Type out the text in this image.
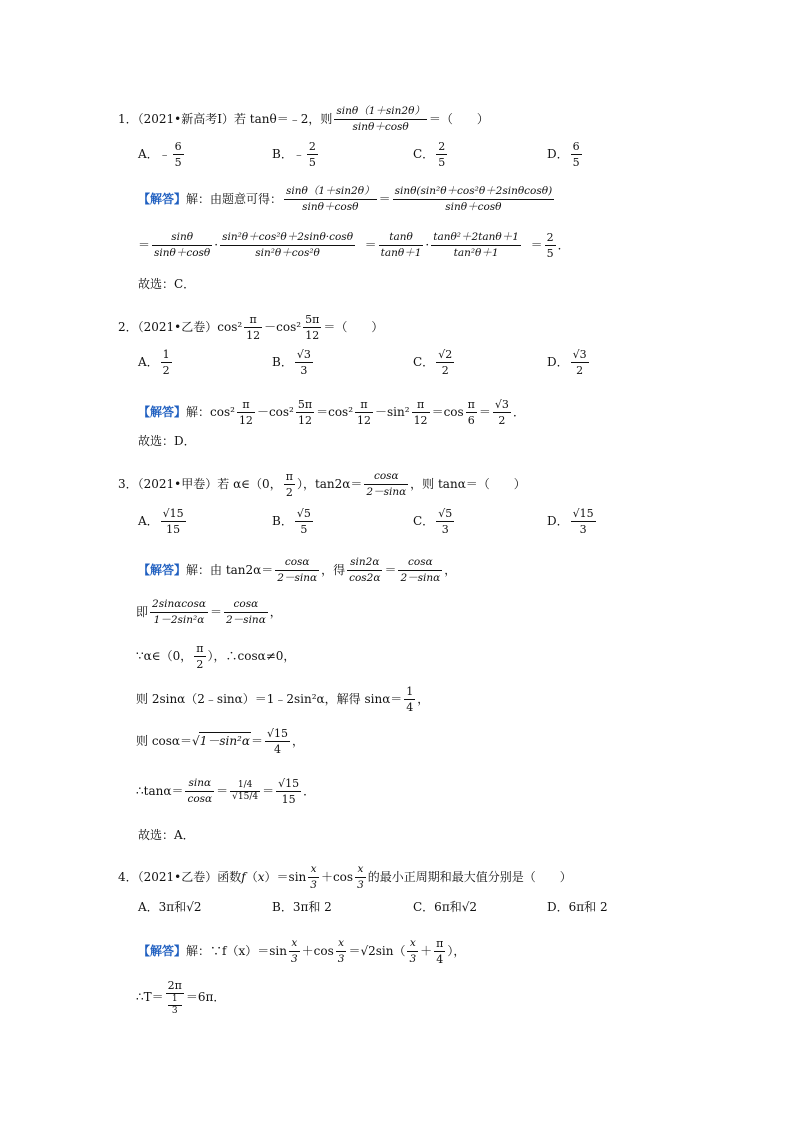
1．（2021•新高考Ⅰ）若 tanθ＝﹣2，则 $\frac{\sin\theta(1+\sin 2\theta)}{\sin\theta+\cos\theta}$ ＝（　　）
A．﹣ $\frac{6}{5}$	B．﹣ $\frac{2}{5}$	C． $\frac{2}{5}$	D． $\frac{6}{5}$
【解答】解：由题意可得： $\frac{\sin\theta(1+\sin 2\theta)}{\sin\theta+\cos\theta} = \frac{\text{sinθ(sin²θ＋cos²θ＋2sinθcosθ)}}{\sin\theta+\cos\theta}$
＝ $\frac{\sin\theta}{\sin\theta+\cos\theta} \cdot \frac{\text{sin²θ＋cos²θ＋2sinθ·cosθ}}{\text{sin²θ＋cos²θ}} = \frac{\tan\theta}{\tan\theta+1} \cdot \frac{\text{tanθ²＋2tanθ＋1}}{\text{tan²θ＋1}} = \frac{2}{5}$ ．
故选：C．
2．（2021•乙卷）$\cos^2 \frac{\pi}{12} -\cos^2 \frac{5\pi}{12}$ ＝（　　）
A． $\frac{1}{2}$	B． $\frac{√3}{3}$	C． $\frac{√2}{2}$	D． $\frac{√3}{2}$
【解答】解：$\cos^2 \frac{\pi}{12} -\cos^2 \frac{5\pi}{12} =\cos^2 \frac{\pi}{12} -\sin^2 \frac{\pi}{12} =\cos \frac{\pi}{6} = \frac{√3}{2}$ ．
故选：D．
3．（2021•甲卷）若 α∈（0， $\frac{\pi}{2}$ ），$\tan 2\alpha= \frac{\cos\alpha}{2-\sin\alpha}$ ，则 tanα＝（　　）
A． $\frac{√15}{15}$	B． $\frac{√5}{5}$	C． $\frac{√5}{3}$	D． $\frac{√15}{3}$
【解答】解：由 $\tan 2\alpha= \frac{\cos\alpha}{2-\sin\alpha}$ ，得 $\frac{\sin 2\alpha}{\cos 2\alpha} = \frac{\cos\alpha}{2-\sin\alpha}$ ，
即 $\frac{2\sin\alpha\cos\alpha}{\text{1－2sin²α}} = \frac{\cos\alpha}{2-\sin\alpha}$ ，
∵α∈（0， $\frac{\pi}{2}$ ），∴cosα≠0，
则 2sinα（2﹣sinα）＝1﹣2sin²α，解得 $\sin\alpha= \frac{1}{4}$ ，
则 $\cos\alpha=√1-\sin^2\alpha= \frac{√15}{4}$ ，
∴tanα＝ $\frac{\sin\alpha}{\cos\alpha} = \frac{1/4}{√15/4} = \frac{√15}{15}$ ．
故选：A．
4．（2021•乙卷）函数$f(x)=\sin \frac{x}{3} +\cos \frac{x}{3}$ 的最小正周期和最大值分别是（　　）
A．3π和√2	B．3π和 2	C．6π和√2	D．6π和 2
【解答】解：∵f（x）＝sin $\frac{x}{3} +\cos \frac{x}{3} =√2\sin( \frac{x}{3} + \frac{\pi}{4}$ ），
∴T＝ 2π
1
3 ＝6π．
